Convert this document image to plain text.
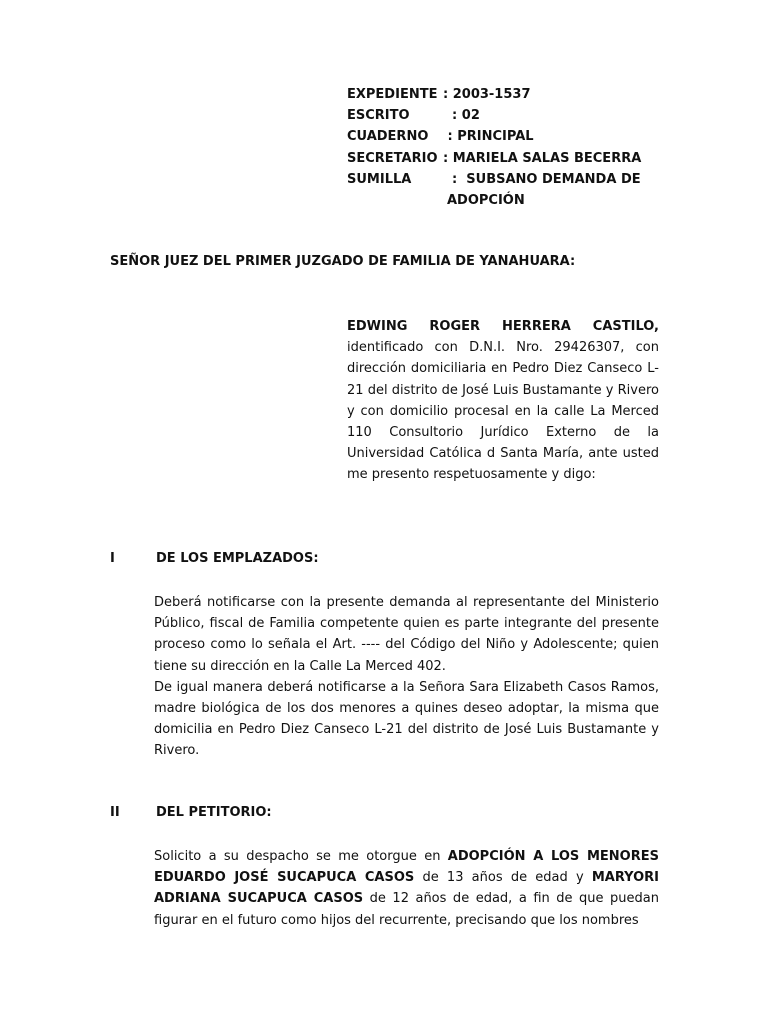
EXPEDIENTE : 2003-1537
ESCRITO	: 02
CUADERNO	: PRINCIPAL
SECRETARIO : MARIELA SALAS BECERRA
SUMILLA	:  SUBSANO DEMANDA DE
ADOPCIÓN
SEÑOR JUEZ DEL PRIMER JUZGADO DE FAMILIA DE YANAHUARA:
EDWING ROGER HERRERA CASTILO,
identificado con D.N.I. Nro. 29426307, con dirección domiciliaria en Pedro Diez Canseco L-21 del distrito de José Luis Bustamante y Rivero y con domicilio procesal en la calle La Merced 110 Consultorio Jurídico Externo de la Universidad Católica d Santa María, ante usted me presento respetuosamente y digo:
I	DE LOS EMPLAZADOS:

Deberá notificarse con la presente demanda al representante del Ministerio Público, fiscal de Familia competente quien es parte integrante del presente proceso como lo señala el Art. ---- del Código del Niño y Adolescente; quien tiene su dirección en la Calle La Merced 402.

De igual manera deberá notificarse a la Señora Sara Elizabeth Casos Ramos, madre biológica de los dos menores a quines deseo adoptar, la misma que domicilia en Pedro Diez Canseco L-21 del distrito de José Luis Bustamante y Rivero.

II	DEL PETITORIO:

Solicito a su despacho se me otorgue en ADOPCIÓN A LOS MENORES EDUARDO JOSÉ SUCAPUCA CASOS de 13 años de edad y MARYORI ADRIANA SUCAPUCA CASOS de 12 años de edad, a fin de que puedan figurar en el futuro como hijos del recurrente, precisando que los nombres
